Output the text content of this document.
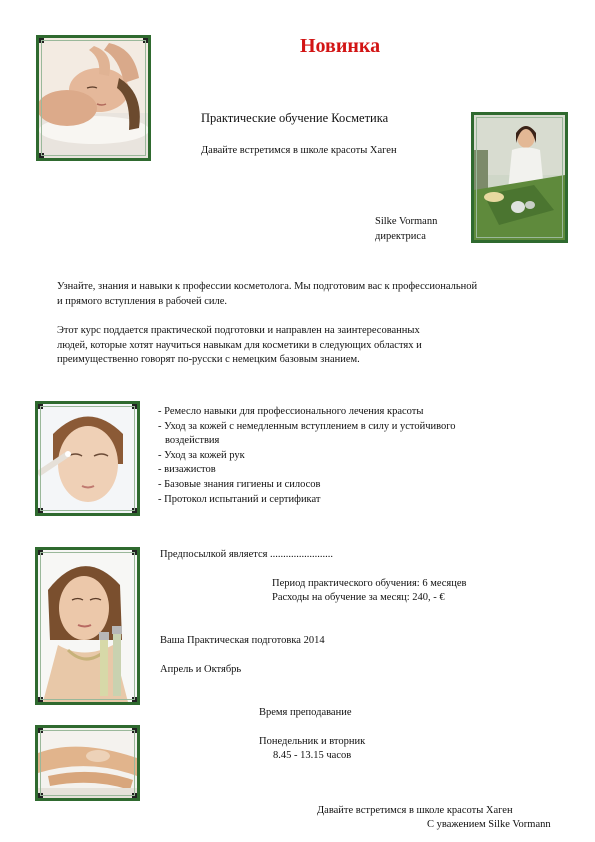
Новинка
Практические обучение Косметика
Давайте встретимся в школе красоты Хаген
Silke Vormann
директриса

Узнайте, знания и навыки к профессии косметолога. Мы подготовим вас к профессиональной

и прямого вступления в рабочей силе.

Этот курс поддается практической подготовки и направлен на заинтересованных

людей, которые хотят научиться навыкам для косметики в следующих областях и

преимущественно говорят по-русски с немецким базовым знанием.

- Ремесло навыки для профессионального лечения красоты
- Уход за кожей с немедленным вступлением в силу и устойчивого
воздействия
- Уход за кожей рук
- визажистов
- Базовые знания гигиены и силосов
- Протокол испытаний и сертификат
Предпосылкой является ........................
Период практического обучения: 6 месяцев
Расходы на обучение за месяц: 240, - €
Ваша Практическая подготовка 2014
Апрель и Октябрь
Время преподавание
Понедельник и вторник
8.45 - 13.15 часов
Давайте встретимся в школе красоты Хаген
С уважением Silke Vormann
